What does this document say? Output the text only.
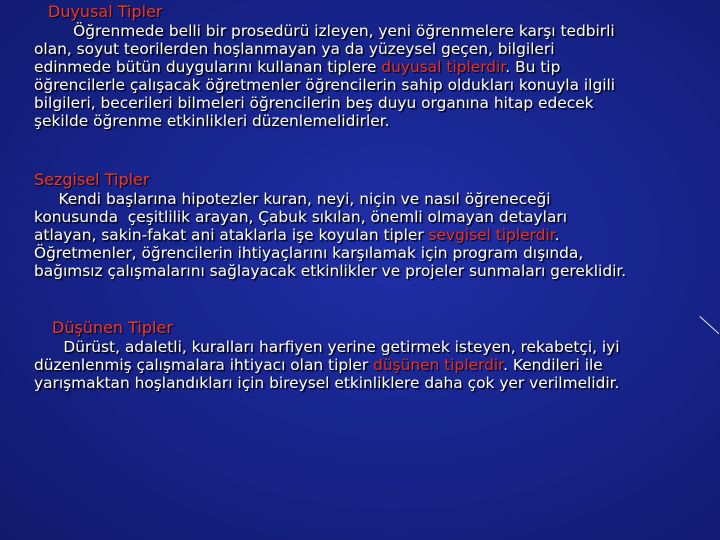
Duyusal Tipler
Öğrenmede belli bir prosedürü izleyen, yeni öğrenmelere karşı tedbirli
olan, soyut teorilerden hoşlanmayan ya da yüzeysel geçen, bilgileri
edinmede bütün duygularını kullanan tiplere duyusal tiplerdir. Bu tip
öğrencilerle çalışacak öğretmenler öğrencilerin sahip oldukları konuyla ilgili
bilgileri, becerileri bilmeleri öğrencilerin beş duyu organına hitap edecek
şekilde öğrenme etkinlikleri düzenlemelidirler.
Sezgisel Tipler
Kendi başlarına hipotezler kuran, neyi, niçin ve nasıl öğreneceği
konusunda  çeşitlilik arayan, Çabuk sıkılan, önemli olmayan detayları
atlayan, sakin-fakat ani ataklarla işe koyulan tipler sevgisel tiplerdir.
Öğretmenler, öğrencilerin ihtiyaçlarını karşılamak için program dışında,
bağımsız çalışmalarını sağlayacak etkinlikler ve projeler sunmaları gereklidir.
Düşünen Tipler
Dürüst, adaletli, kuralları harfiyen yerine getirmek isteyen, rekabetçi, iyi
düzenlenmiş çalışmalara ihtiyacı olan tipler düşünen tiplerdir. Kendileri ile
yarışmaktan hoşlandıkları için bireysel etkinliklere daha çok yer verilmelidir.
